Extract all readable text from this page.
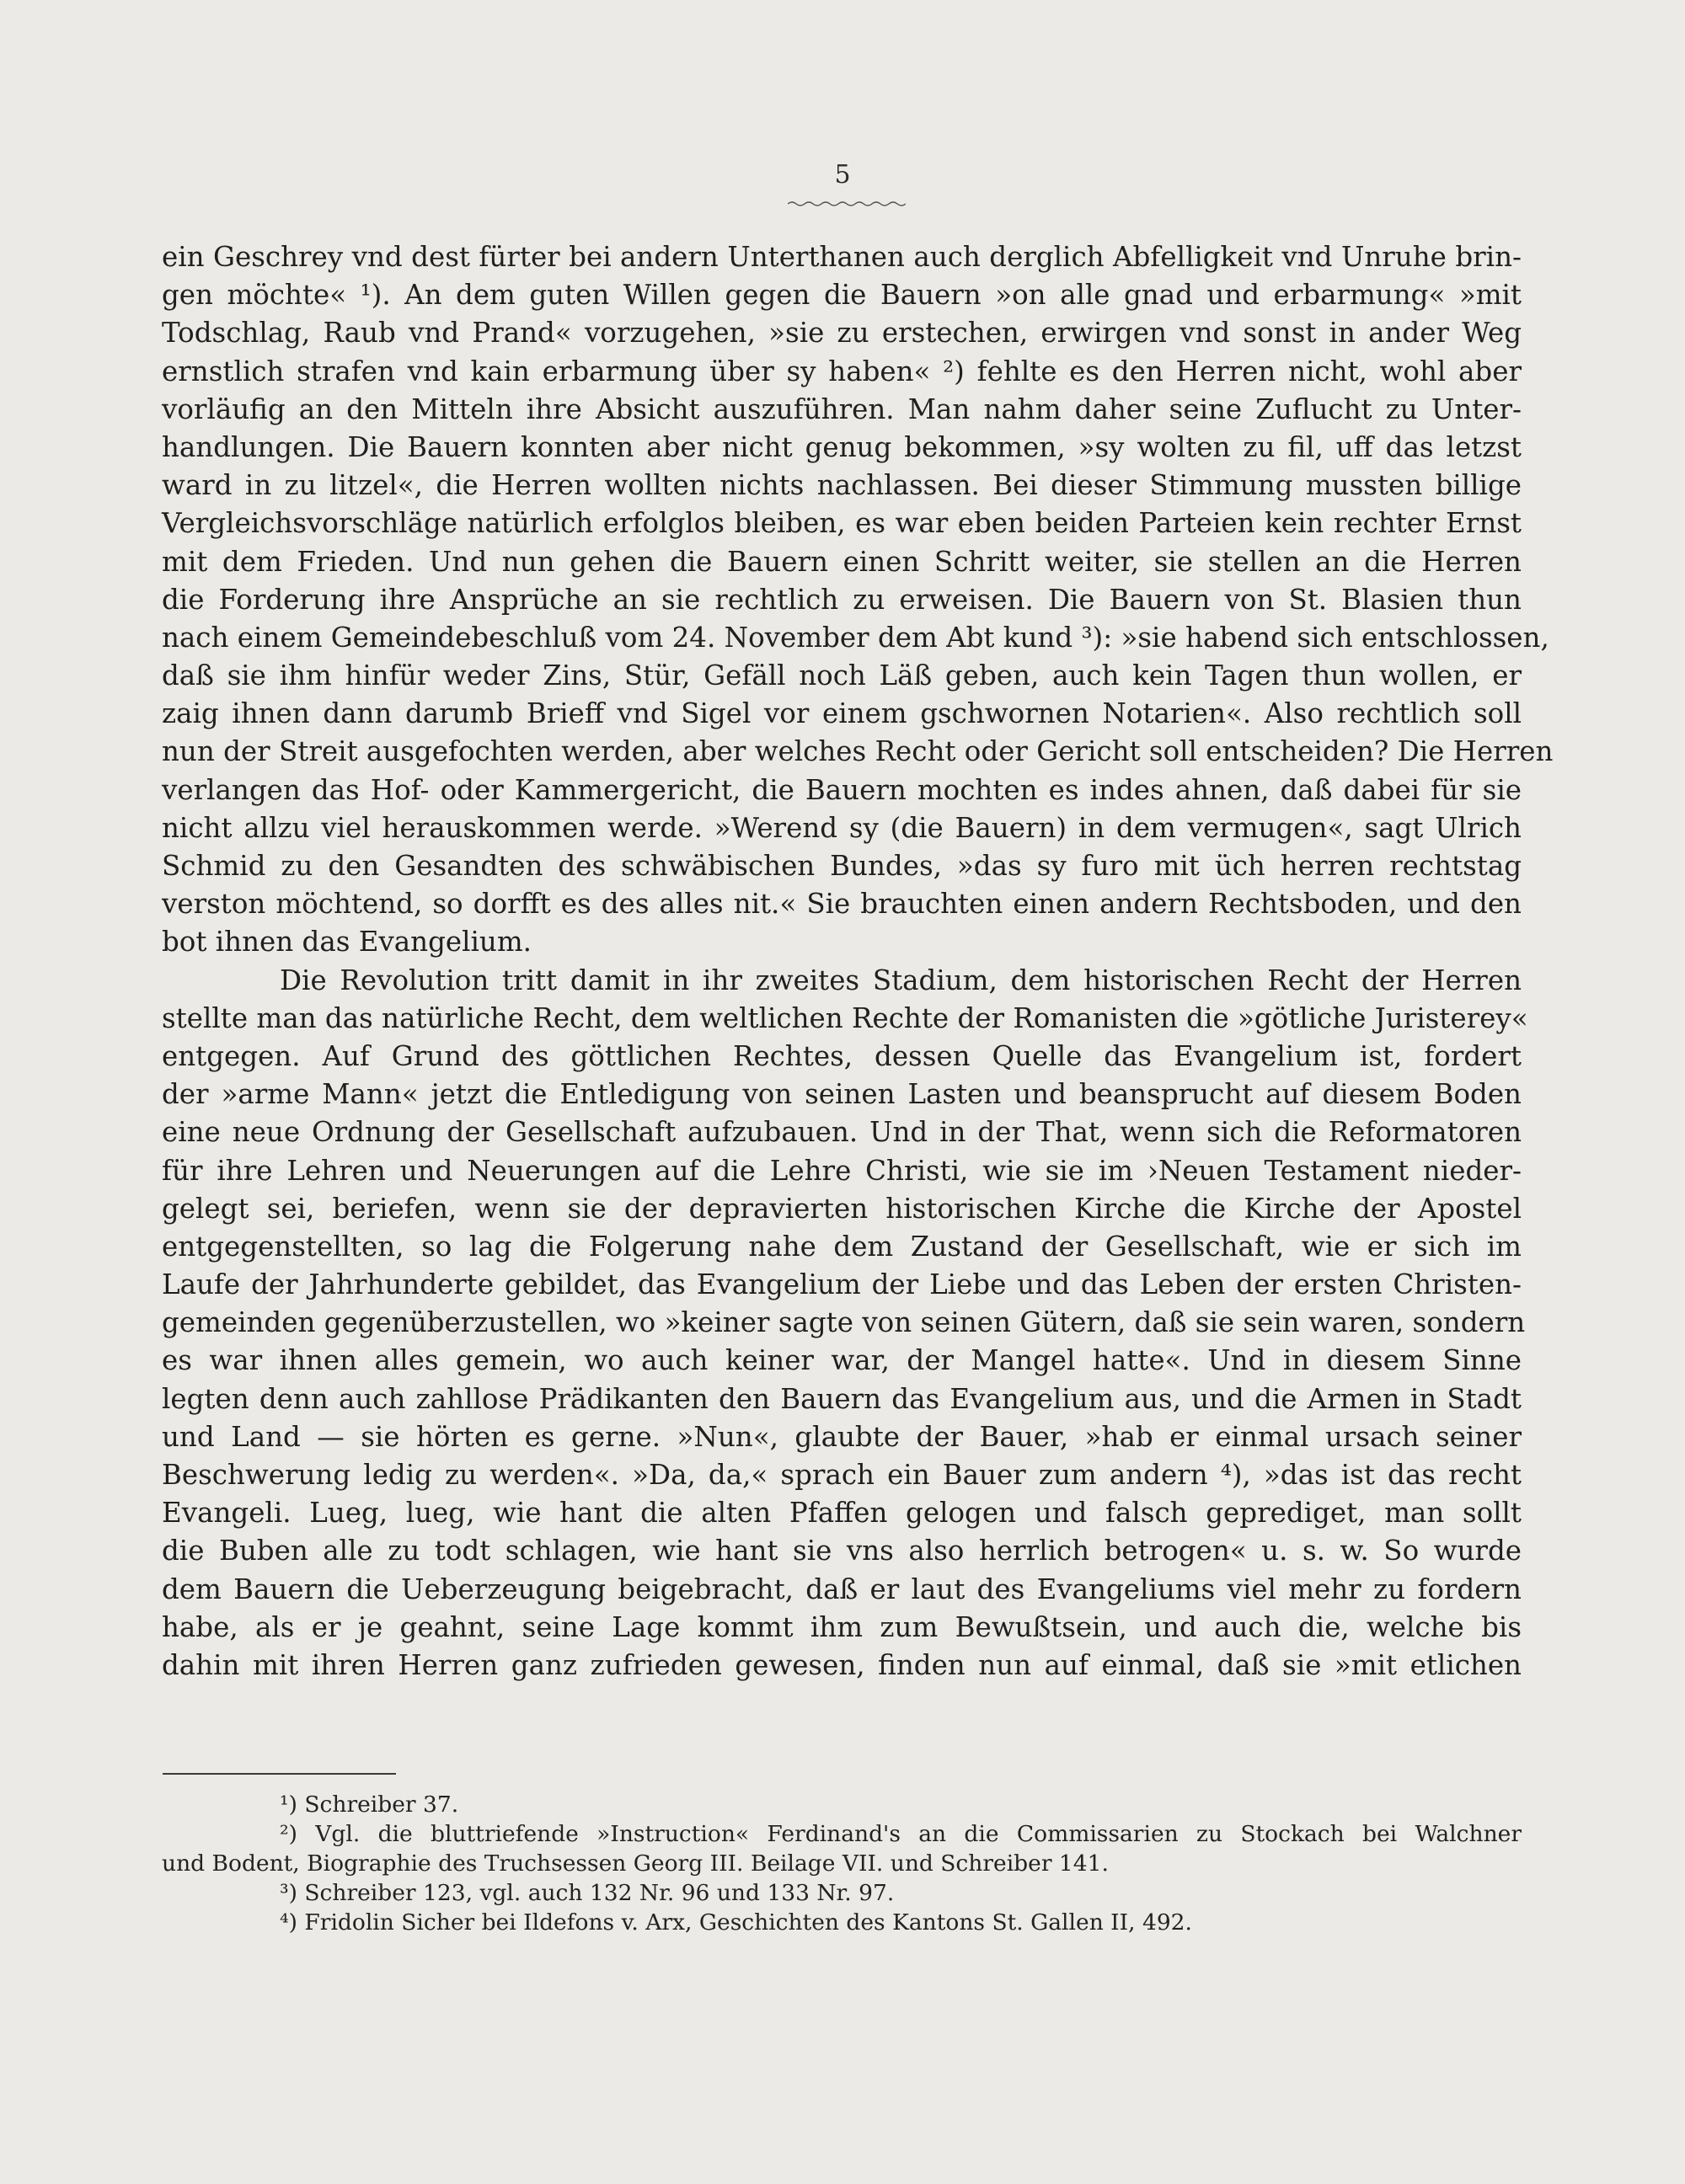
5
ein Geschrey vnd dest fürter bei andern Unterthanen auch derglich Abfelligkeit vnd Unruhe brin-
gen möchte« ¹). An dem guten Willen gegen die Bauern »on alle gnad und erbarmung« »mit
Todschlag, Raub vnd Prand« vorzugehen, »sie zu erstechen, erwirgen vnd sonst in ander Weg
ernstlich strafen vnd kain erbarmung über sy haben« ²) fehlte es den Herren nicht, wohl aber
vorläufig an den Mitteln ihre Absicht auszuführen. Man nahm daher seine Zuflucht zu Unter-
handlungen. Die Bauern konnten aber nicht genug bekommen, »sy wolten zu fil, uff das letzst
ward in zu litzel«, die Herren wollten nichts nachlassen. Bei dieser Stimmung mussten billige
Vergleichsvorschläge natürlich erfolglos bleiben, es war eben beiden Parteien kein rechter Ernst
mit dem Frieden. Und nun gehen die Bauern einen Schritt weiter, sie stellen an die Herren
die Forderung ihre Ansprüche an sie rechtlich zu erweisen. Die Bauern von St. Blasien thun
nach einem Gemeindebeschluß vom 24. November dem Abt kund ³): »sie habend sich entschlossen,
daß sie ihm hinfür weder Zins, Stür, Gefäll noch Läß geben, auch kein Tagen thun wollen, er
zaig ihnen dann darumb Brieff vnd Sigel vor einem gschwornen Notarien«. Also rechtlich soll
nun der Streit ausgefochten werden, aber welches Recht oder Gericht soll entscheiden? Die Herren
verlangen das Hof- oder Kammergericht, die Bauern mochten es indes ahnen, daß dabei für sie
nicht allzu viel herauskommen werde. »Werend sy (die Bauern) in dem vermugen«, sagt Ulrich
Schmid zu den Gesandten des schwäbischen Bundes, »das sy furo mit üch herren rechtstag
verston möchtend, so dorfft es des alles nit.« Sie brauchten einen andern Rechtsboden, und den
bot ihnen das Evangelium.
Die Revolution tritt damit in ihr zweites Stadium, dem historischen Recht der Herren
stellte man das natürliche Recht, dem weltlichen Rechte der Romanisten die »götliche Juristerey«
entgegen. Auf Grund des göttlichen Rechtes, dessen Quelle das Evangelium ist, fordert
der »arme Mann« jetzt die Entledigung von seinen Lasten und beansprucht auf diesem Boden
eine neue Ordnung der Gesellschaft aufzubauen. Und in der That, wenn sich die Reformatoren
für ihre Lehren und Neuerungen auf die Lehre Christi, wie sie im ›Neuen Testament nieder-
gelegt sei, beriefen, wenn sie der depravierten historischen Kirche die Kirche der Apostel
entgegenstellten, so lag die Folgerung nahe dem Zustand der Gesellschaft, wie er sich im
Laufe der Jahrhunderte gebildet, das Evangelium der Liebe und das Leben der ersten Christen-
gemeinden gegenüberzustellen, wo »keiner sagte von seinen Gütern, daß sie sein waren, sondern
es war ihnen alles gemein, wo auch keiner war, der Mangel hatte«. Und in diesem Sinne
legten denn auch zahllose Prädikanten den Bauern das Evangelium aus, und die Armen in Stadt
und Land — sie hörten es gerne. »Nun«, glaubte der Bauer, »hab er einmal ursach seiner
Beschwerung ledig zu werden«. »Da, da,« sprach ein Bauer zum andern ⁴), »das ist das recht
Evangeli. Lueg, lueg, wie hant die alten Pfaffen gelogen und falsch geprediget, man sollt
die Buben alle zu todt schlagen, wie hant sie vns also herrlich betrogen« u. s. w. So wurde
dem Bauern die Ueberzeugung beigebracht, daß er laut des Evangeliums viel mehr zu fordern
habe, als er je geahnt, seine Lage kommt ihm zum Bewußtsein, und auch die, welche bis
dahin mit ihren Herren ganz zufrieden gewesen, finden nun auf einmal, daß sie »mit etlichen
¹) Schreiber 37.
²) Vgl. die bluttriefende »Instruction« Ferdinand's an die Commissarien zu Stockach bei Walchner
und Bodent, Biographie des Truchsessen Georg III. Beilage VII. und Schreiber 141.
³) Schreiber 123, vgl. auch 132 Nr. 96 und 133 Nr. 97.
⁴) Fridolin Sicher bei Ildefons v. Arx, Geschichten des Kantons St. Gallen II, 492.
